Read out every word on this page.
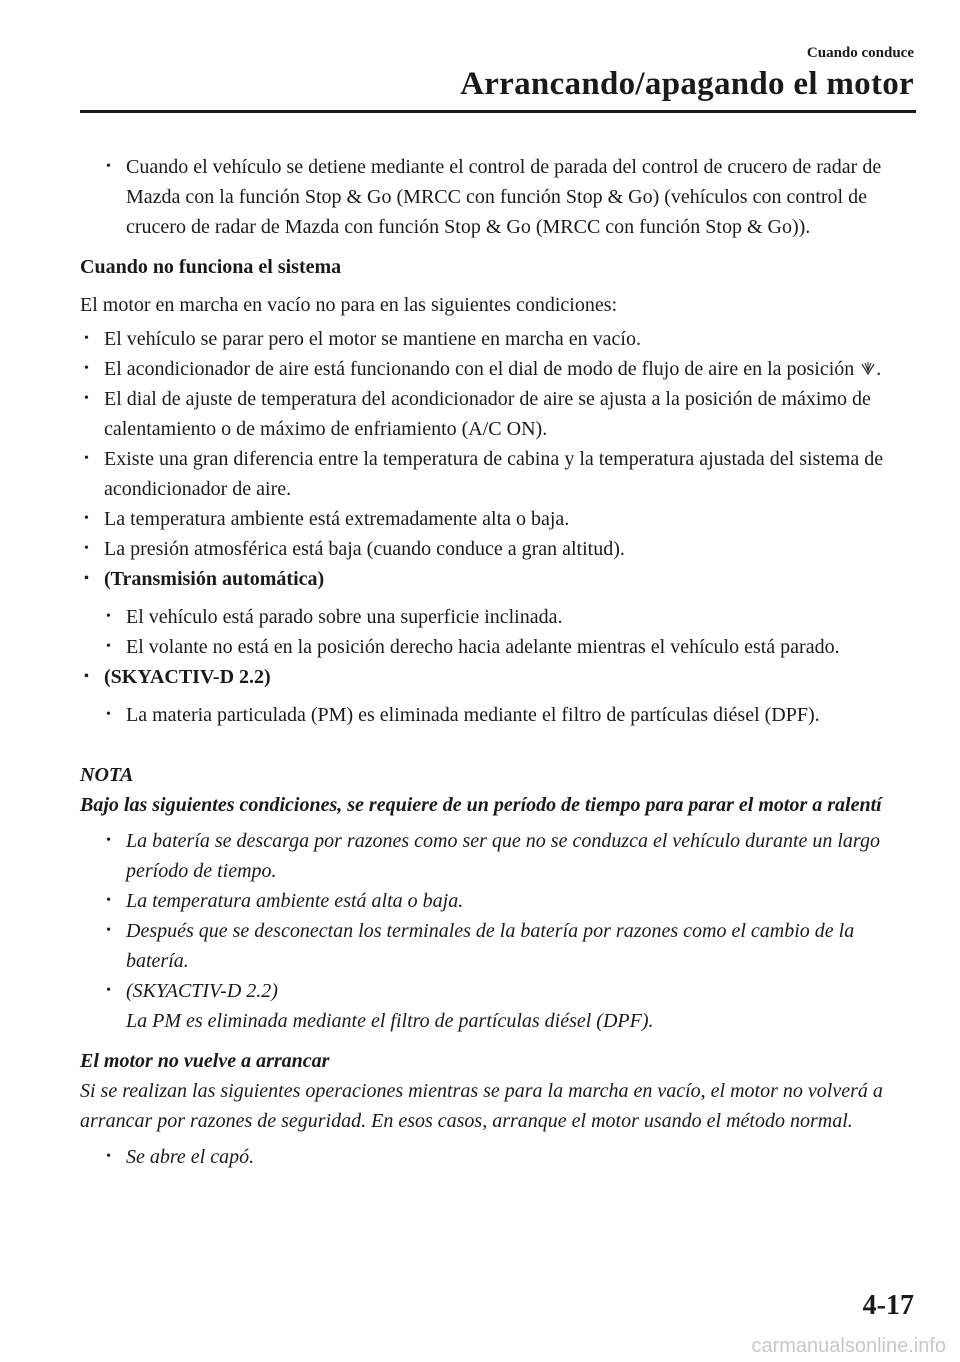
Cuando conduce
Arrancando/apagando el motor

• Cuando el vehículo se detiene mediante el control de parada del control de crucero de radar de Mazda con la función Stop & Go (MRCC con función Stop & Go) (vehículos con control de crucero de radar de Mazda con función Stop & Go (MRCC con función Stop & Go)).

Cuando no funciona el sistema

El motor en marcha en vacío no para en las siguientes condiciones:

• El vehículo se parar pero el motor se mantiene en marcha en vacío.

• El acondicionador de aire está funcionando con el dial de modo de flujo de aire en la posición .

• El dial de ajuste de temperatura del acondicionador de aire se ajusta a la posición de máximo de calentamiento o de máximo de enfriamiento (A/C ON).

• Existe una gran diferencia entre la temperatura de cabina y la temperatura ajustada del sistema de acondicionador de aire.

• La temperatura ambiente está extremadamente alta o baja.

• La presión atmosférica está baja (cuando conduce a gran altitud).

• (Transmisión automática)

• El vehículo está parado sobre una superficie inclinada.

• El volante no está en la posición derecho hacia adelante mientras el vehículo está parado.

• (SKYACTIV-D 2.2)

• La materia particulada (PM) es eliminada mediante el filtro de partículas diésel (DPF).

NOTA

Bajo las siguientes condiciones, se requiere de un período de tiempo para parar el motor a ralentí

• La batería se descarga por razones como ser que no se conduzca el vehículo durante un largo período de tiempo.

• La temperatura ambiente está alta o baja.

• Después que se desconectan los terminales de la batería por razones como el cambio de la batería.

• (SKYACTIV-D 2.2)
La PM es eliminada mediante el filtro de partículas diésel (DPF).

El motor no vuelve a arrancar

Si se realizan las siguientes operaciones mientras se para la marcha en vacío, el motor no volverá a arrancar por razones de seguridad. En esos casos, arranque el motor usando el método normal.

• Se abre el capó.

4-17
carmanualsonline.info
